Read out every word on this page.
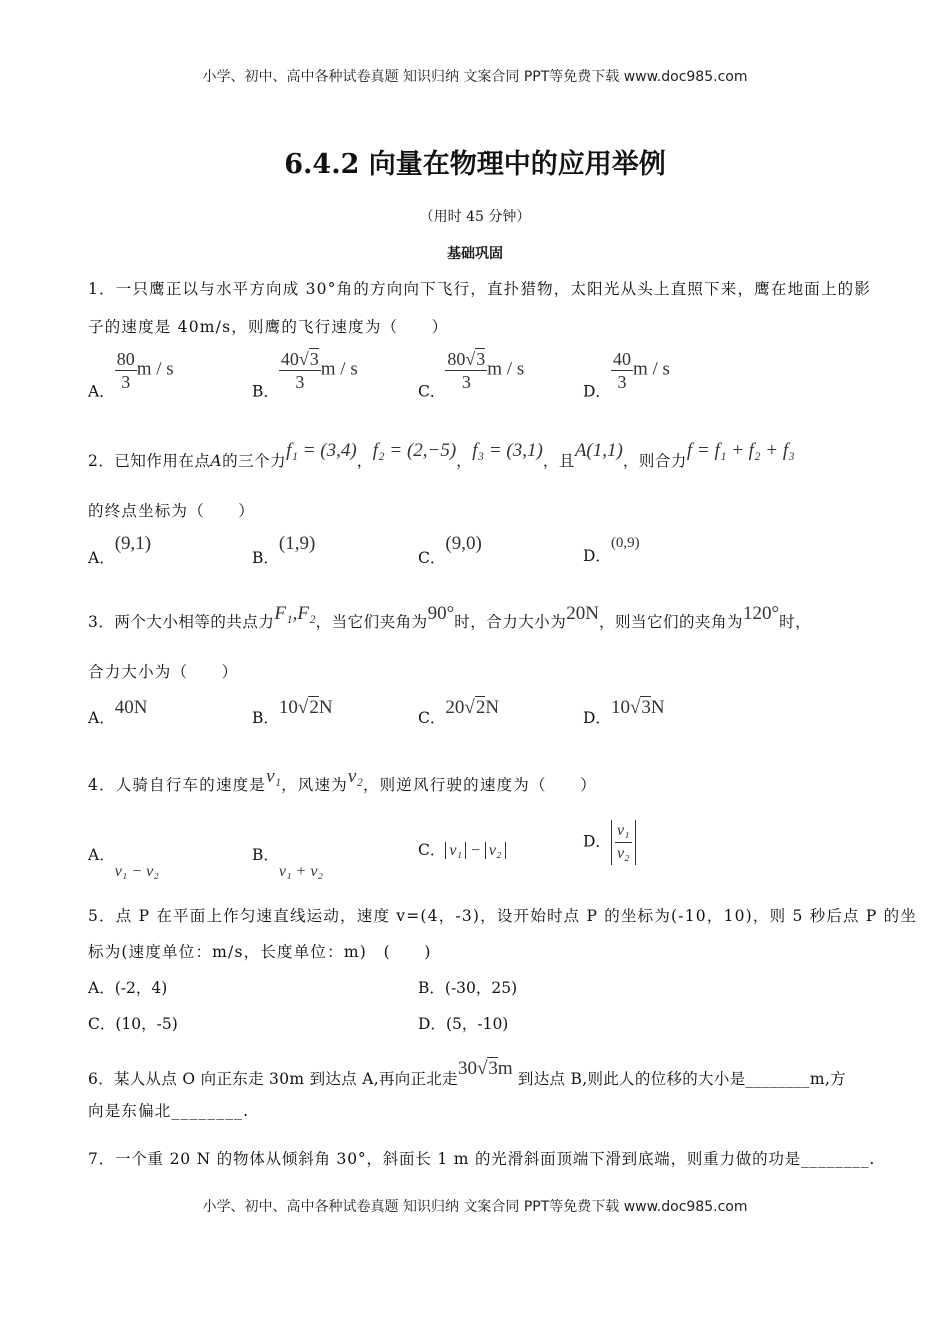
小学、初中、高中各种试卷真题 知识归纳 文案合同 PPT等免费下载 www.doc985.com
6.4.2 向量在物理中的应用举例
（用时 45 分钟）
基础巩固
1．一只鹰正以与水平方向成 30°角的方向向下飞行，直扑猎物，太阳光从头上直照下来，鹰在地面上的影
子的速度是 40m/s，则鹰的飞行速度为（　　）
A． $\frac{80}{3}$ m / s
B． $\frac{40√3}{3}$ m / s
C． $\frac{80√3}{3}$ m / s
D． $\frac{40}{3}$ m / s
2．已知作用在点A的三个力f₁ = (3,4)，f₂ = (2,−5)，f₃ = (3,1)，且A(1,1)，则合力f = f₁ + f₂ + f₃
的终点坐标为（　　）
A．(9,1)
B．(1,9)
C．(9,0)
D．(0,9)
3．两个大小相等的共点力F₁,F₂，当它们夹角为90°时，合力大小为20N，则当它们的夹角为120°时，
合力大小为（　　）
A．40N	B．10√2N	C．20√2N	D．10√3N
4．人骑自行车的速度是v₁，风速为v₂，则逆风行驶的速度为（　　）
A．v₁ − v₂
B．v₁ + v₂
C． v₁ − v₂	D． $\frac{\text{v₁}}{\text{v₂}}$
5．点 P 在平面上作匀速直线运动，速度 v=(4，-3)，设开始时点 P 的坐标为(-10，10)，则 5 秒后点 P 的坐
标为(速度单位：m/s，长度单位：m)　(　　)
A．(-2，4)	B．(-30，25)
C．(10，-5)	D．(5，-10)
6．某人从点 O 向正东走 30m 到达点 A,再向正北走30√3m 到达点 B,则此人的位移的大小是________m,方
向是东偏北________.
7．一个重 20 N 的物体从倾斜角 30°，斜面长 1 m 的光滑斜面顶端下滑到底端，则重力做的功是________.
小学、初中、高中各种试卷真题 知识归纳 文案合同 PPT等免费下载 www.doc985.com
